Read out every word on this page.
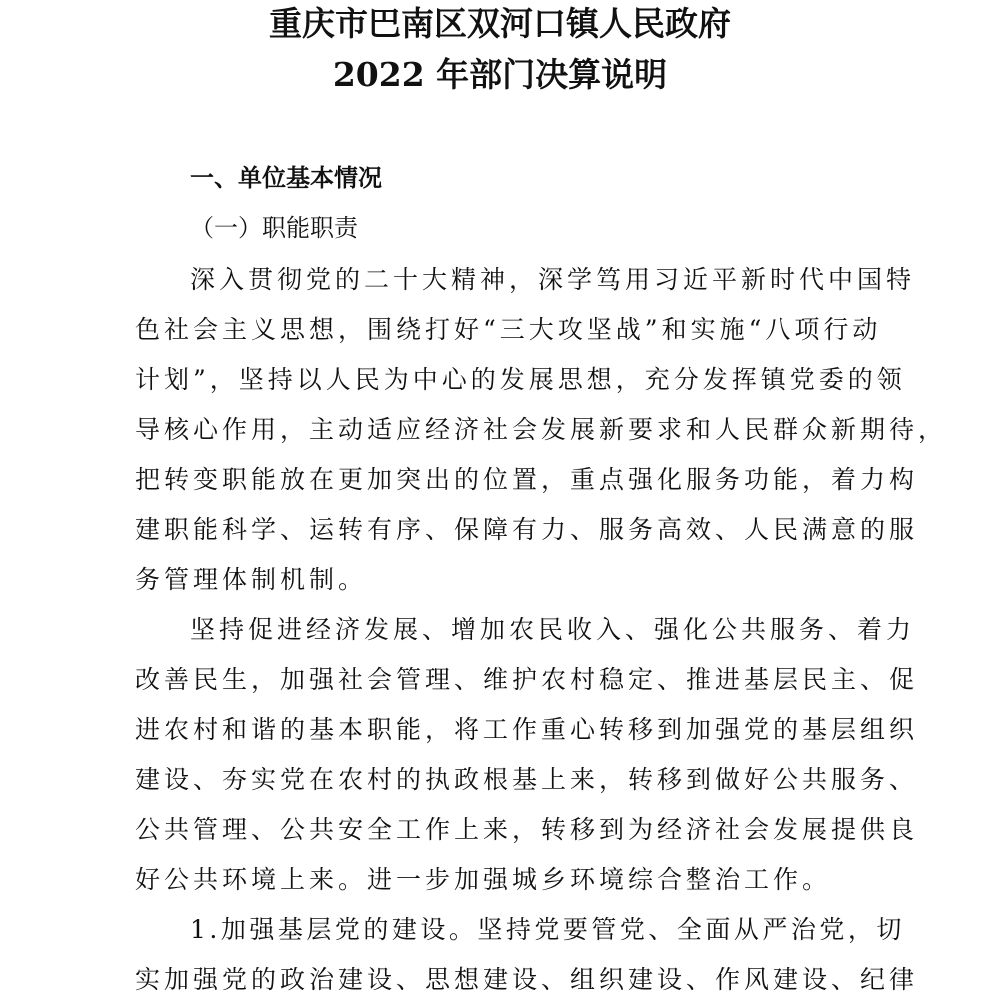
重庆市巴南区双河口镇人民政府
2022 年部门决算说明
一、单位基本情况
（一）职能职责
深入贯彻党的二十大精神，深学笃用习近平新时代中国特
色社会主义思想，围绕打好“三大攻坚战”和实施“八项行动
计划”，坚持以人民为中心的发展思想，充分发挥镇党委的领
导核心作用，主动适应经济社会发展新要求和人民群众新期待，
把转变职能放在更加突出的位置，重点强化服务功能，着力构
建职能科学、运转有序、保障有力、服务高效、人民满意的服
务管理体制机制。
坚持促进经济发展、增加农民收入、强化公共服务、着力
改善民生，加强社会管理、维护农村稳定、推进基层民主、促
进农村和谐的基本职能，将工作重心转移到加强党的基层组织
建设、夯实党在农村的执政根基上来，转移到做好公共服务、
公共管理、公共安全工作上来，转移到为经济社会发展提供良
好公共环境上来。进一步加强城乡环境综合整治工作。
1.加强基层党的建设。坚持党要管党、全面从严治党，切
实加强党的政治建设、思想建设、组织建设、作风建设、纪律
